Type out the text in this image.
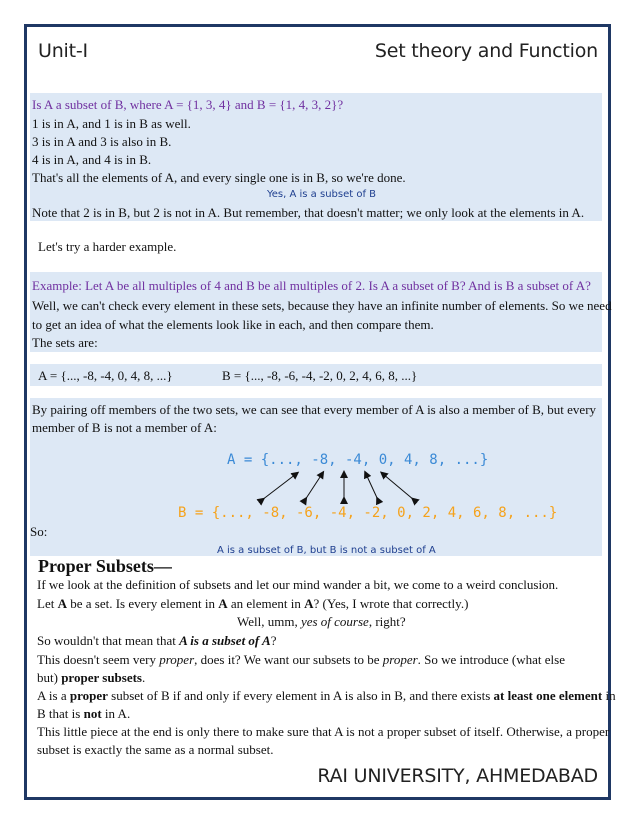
Unit-I	Set theory and Function
Is A a subset of B, where A = {1, 3, 4} and B = {1, 4, 3, 2}?
1 is in A, and 1 is in B as well.
3 is in A and 3 is also in B.
4 is in A, and 4 is in B.
That's all the elements of A, and every single one is in B, so we're done.
Yes, A is a subset of B
Note that 2 is in B, but 2 is not in A. But remember, that doesn't matter; we only look at the elements in A.
Let's try a harder example.
Example: Let A be all multiples of 4 and B be all multiples of 2. Is A a subset of B? And is B a subset of A?
Well, we can't check every element in these sets, because they have an infinite number of elements. So we need
to get an idea of what the elements look like in each, and then compare them.
The sets are:
A = {..., -8, -4, 0, 4, 8, ...}	B = {..., -8, -6, -4, -2, 0, 2, 4, 6, 8, ...}
By pairing off members of the two sets, we can see that every member of A is also a member of B, but every
member of B is not a member of A:
A = {..., -8, -4, 0, 4, 8, ...}
B = {..., -8, -6, -4, -2, 0, 2, 4, 6, 8, ...}
So:
A is a subset of B, but B is not a subset of A
Proper Subsets—
If we look at the definition of subsets and let our mind wander a bit, we come to a weird conclusion.
Let A be a set. Is every element in A an element in A? (Yes, I wrote that correctly.)
Well, umm, yes of course, right?
So wouldn't that mean that A is a subset of A?
This doesn't seem very proper, does it? We want our subsets to be proper. So we introduce (what else
but) proper subsets.
A is a proper subset of B if and only if every element in A is also in B, and there exists at least one element in
B that is not in A.
This little piece at the end is only there to make sure that A is not a proper subset of itself. Otherwise, a proper
subset is exactly the same as a normal subset.
RAI UNIVERSITY, AHMEDABAD
